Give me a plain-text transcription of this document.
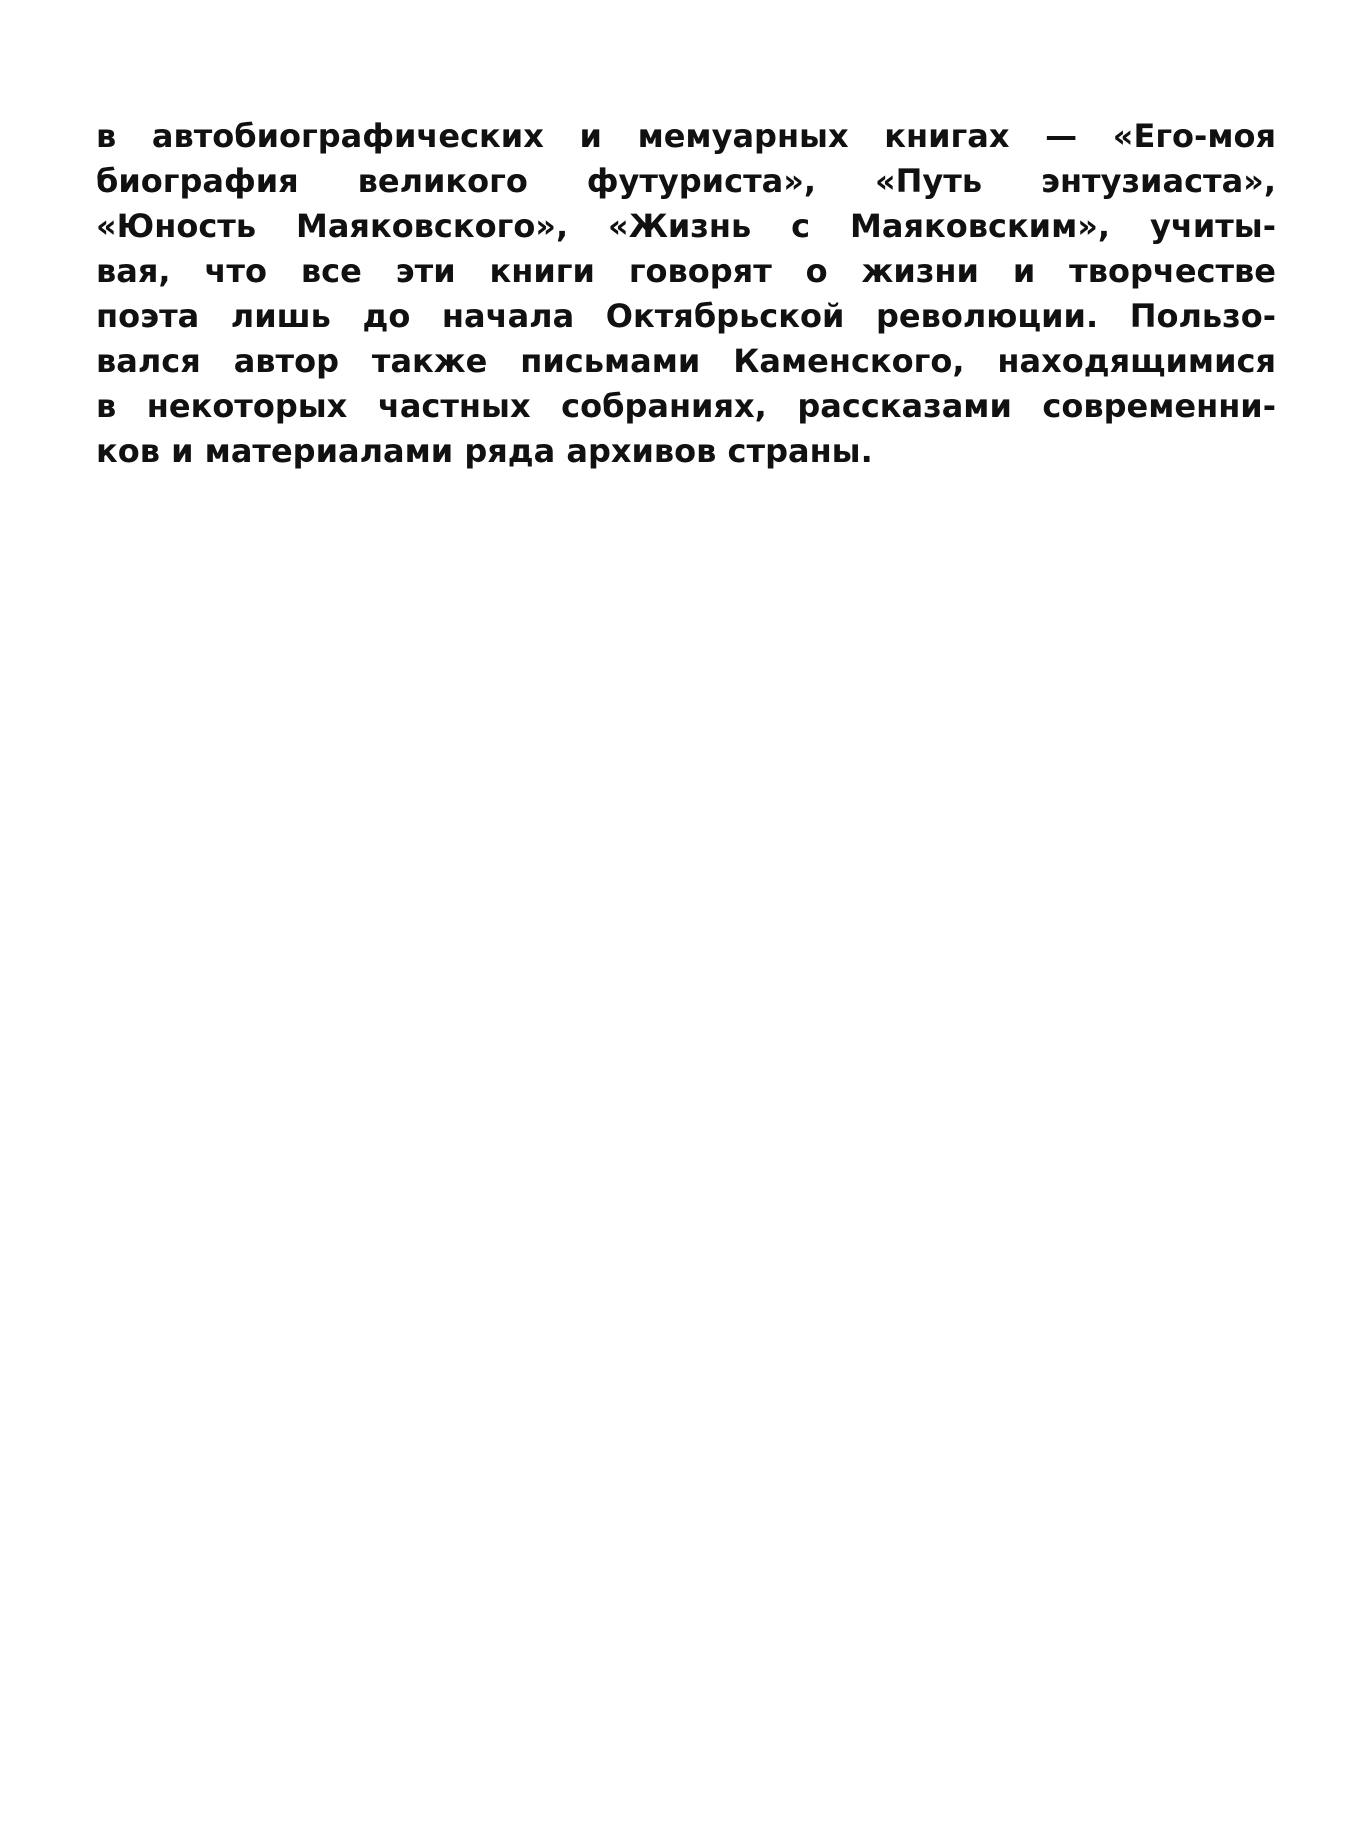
в автобиографических и мемуарных книгах — «Его-моя
биография великого футуриста», «Путь энтузиаста»,
«Юность Маяковского», «Жизнь с Маяковским», учиты-
вая, что все эти книги говорят о жизни и творчестве
поэта лишь до начала Октябрьской революции. Пользо-
вался автор также письмами Каменского, находящимися
в некоторых частных собраниях, рассказами современни-
ков и материалами ряда архивов страны.
